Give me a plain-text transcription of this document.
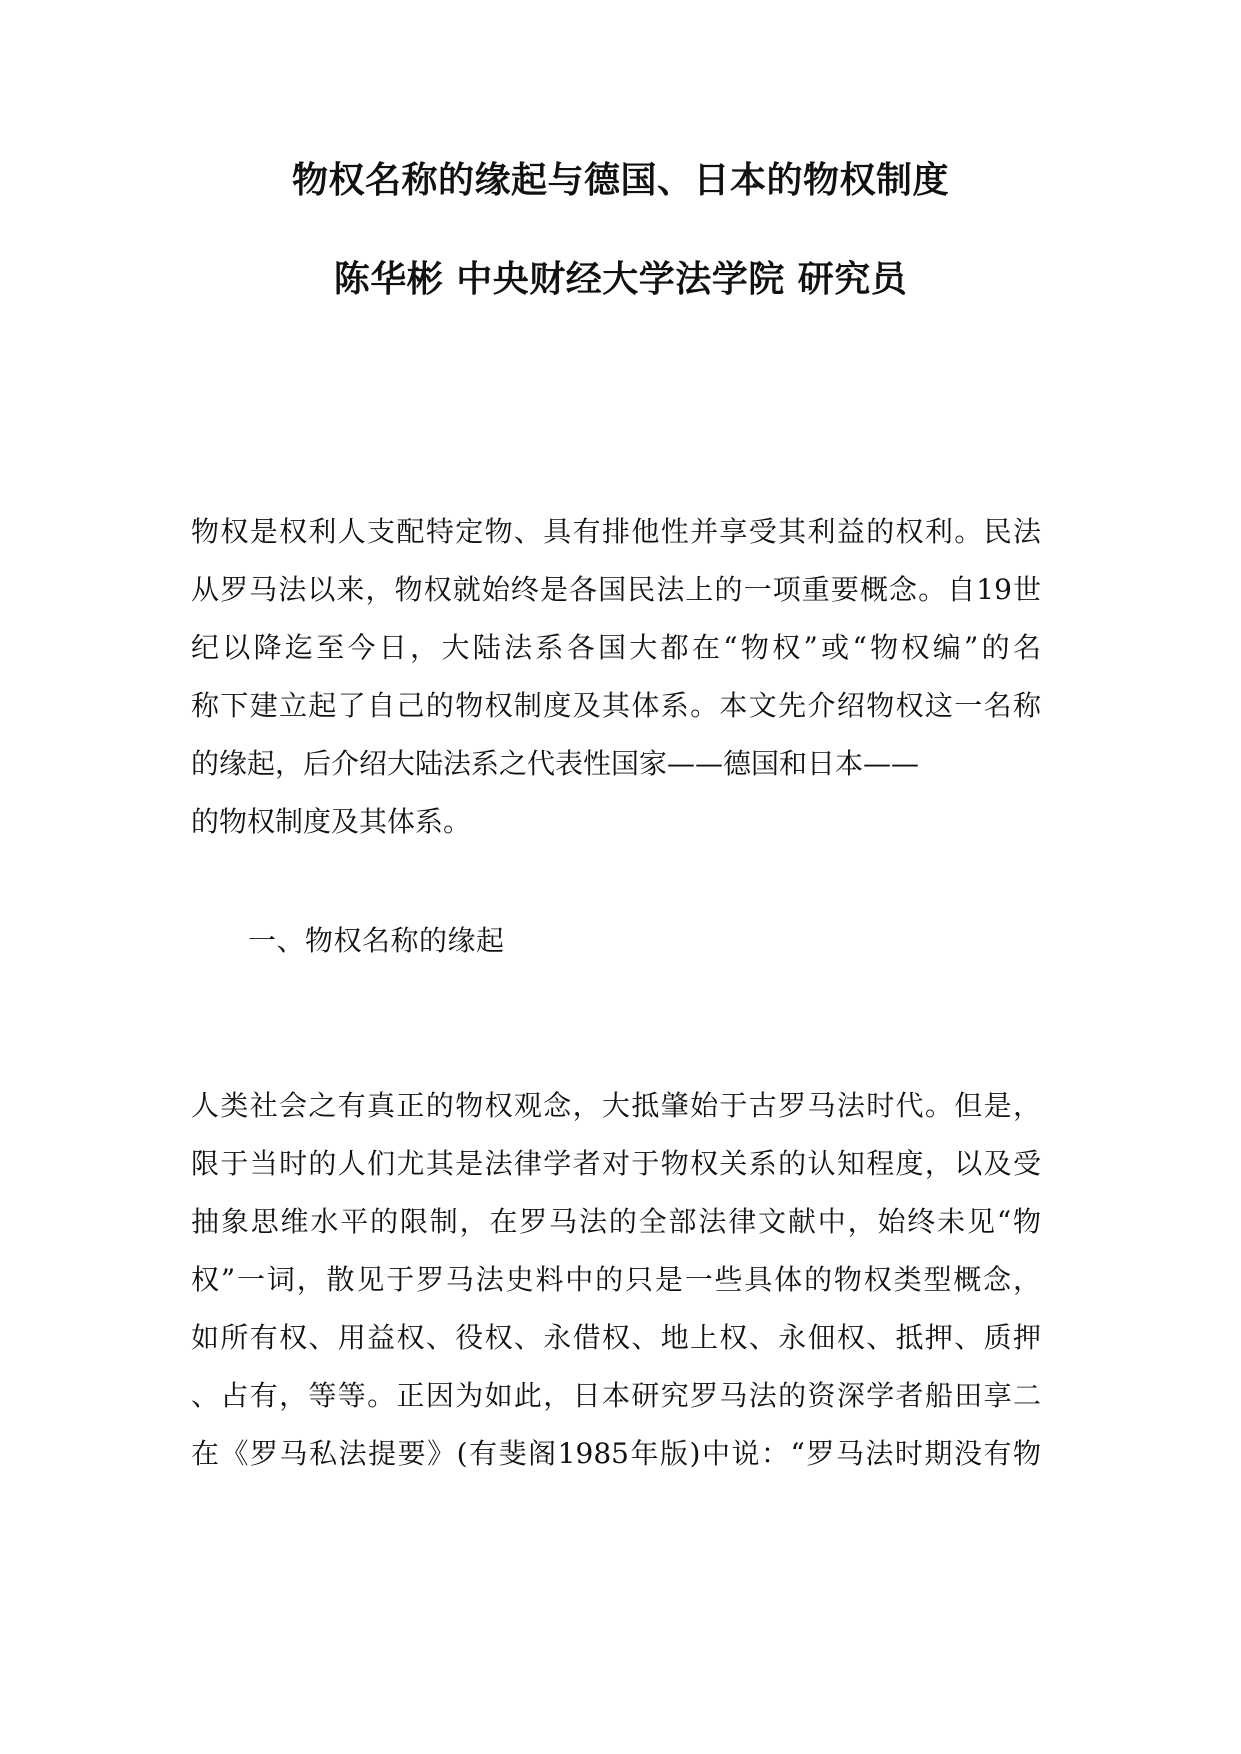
物权名称的缘起与德国、日本的物权制度
陈华彬 中央财经大学法学院 研究员
物权是权利人支配特定物、具有排他性并享受其利益的权利。民法
从罗马法以来，物权就始终是各国民法上的一项重要概念。自19世
纪以降迄至今日，大陆法系各国大都在“物权”或“物权编”的名
称下建立起了自己的物权制度及其体系。本文先介绍物权这一名称
的缘起，后介绍大陆法系之代表性国家——德国和日本——
的物权制度及其体系。
一、物权名称的缘起
人类社会之有真正的物权观念，大抵肇始于古罗马法时代。但是，
限于当时的人们尤其是法律学者对于物权关系的认知程度，以及受
抽象思维水平的限制，在罗马法的全部法律文献中，始终未见“物
权”一词，散见于罗马法史料中的只是一些具体的物权类型概念，
如所有权、用益权、役权、永借权、地上权、永佃权、抵押、质押
、占有，等等。正因为如此，日本研究罗马法的资深学者船田享二
在《罗马私法提要》(有斐阁1985年版)中说：“罗马法时期没有物
